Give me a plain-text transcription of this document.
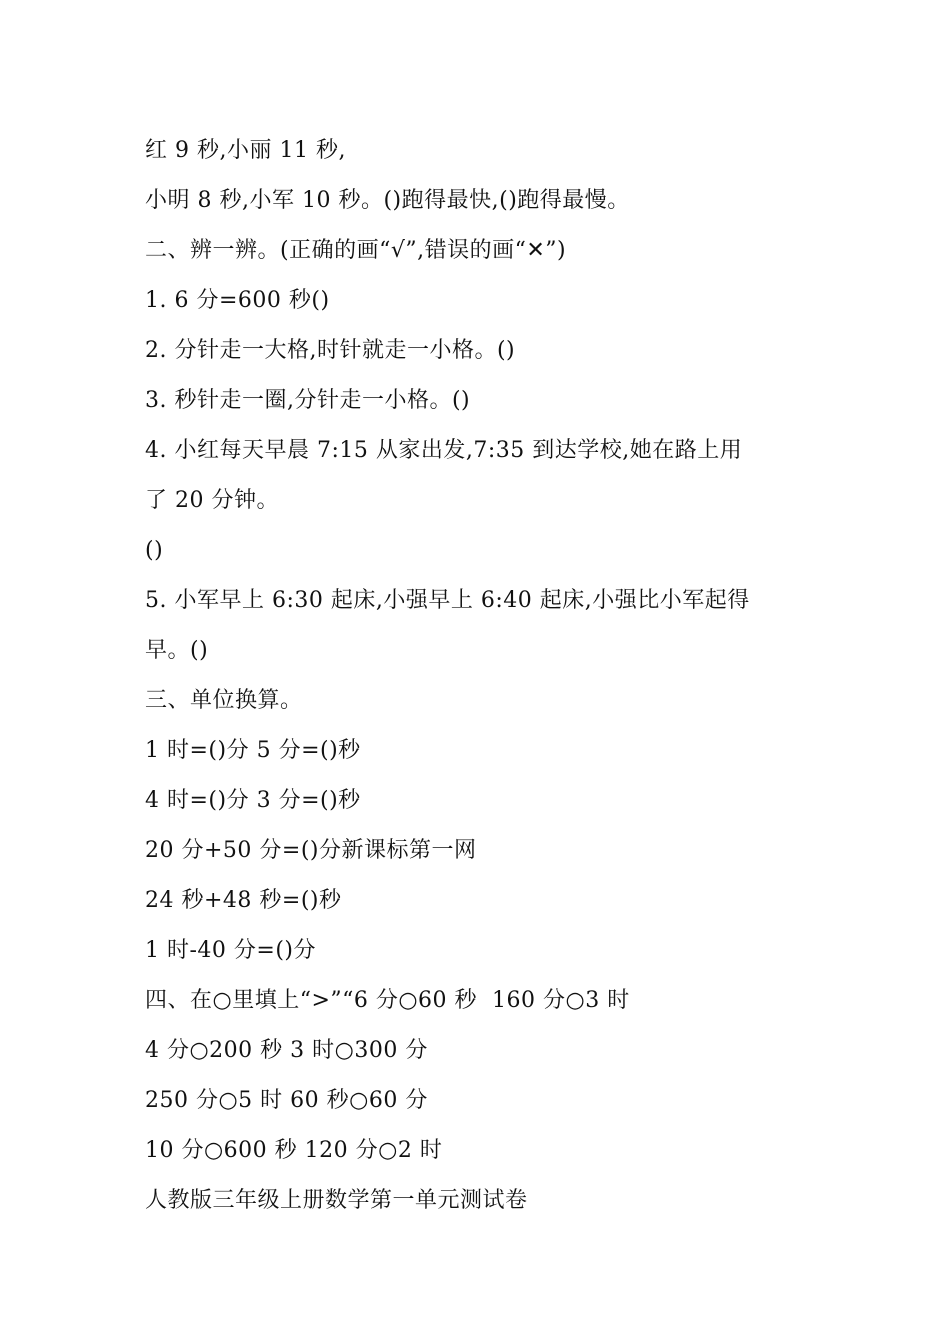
红 9 秒,小丽 11 秒,
小明 8 秒,小军 10 秒。()跑得最快,()跑得最慢。
二、辨一辨。(正确的画“√”,错误的画“✕”)
1. 6 分=600 秒()
2. 分针走一大格,时针就走一小格。()
3. 秒针走一圈,分针走一小格。()
4. 小红每天早晨 7:15 从家出发,7:35 到达学校,她在路上用
了 20 分钟。
()
5. 小军早上 6:30 起床,小强早上 6:40 起床,小强比小军起得
早。()
三、单位换算。
1 时=()分 5 分=()秒
4 时=()分 3 分=()秒
20 分+50 分=()分新课标第一网
24 秒+48 秒=()秒
1 时-40 分=()分
四、在○里填上“>”“6 分○60 秒  160 分○3 时
4 分○200 秒 3 时○300 分
250 分○5 时 60 秒○60 分
10 分○600 秒 120 分○2 时
人教版三年级上册数学第一单元测试卷
